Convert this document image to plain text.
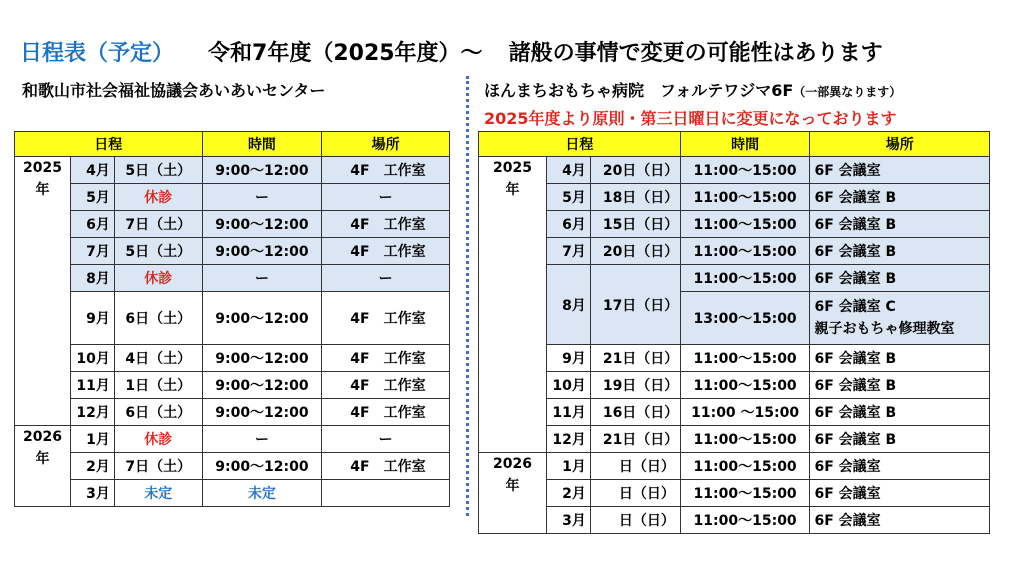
日程表（予定） 令和7年度（2025年度）～ 諸般の事情で変更の可能性はあります
和歌山市社会福祉協議会あいあいセンター	ほんまちおもちゃ病院　フォルテワジマ6F（一部異なります）
2025年度より原則・第三日曜日に変更になっております
日程			時間	場所

2025
年	4月	5日（土）	9:00～12:00	4F　工作室
	5月	休診	ー	ー
	6月	7日（土）	9:00～12:00	4F　工作室
	7月	5日（土）	9:00～12:00	4F　工作室
	8月	休診	ー	ー
	9月	6日（土）	9:00～12:00	4F　工作室
	10月	4日（土）	9:00～12:00	4F　工作室
	11月	1日（土）	9:00～12:00	4F　工作室
	12月	6日（土）	9:00～12:00	4F　工作室

2026
年	1月	休診	ー	ー
	2月	7日（土）	9:00～12:00	4F　工作室
	3月	未定	未定	
日程			時間	場所

2025
年	4月	20日（日）	11:00～15:00	6F 会議室
	5月	18日（日）	11:00～15:00	6F 会議室 B
	6月	15日（日）	11:00～15:00	6F 会議室 B
	7月	20日（日）	11:00～15:00	6F 会議室 B
	8月	17日（日）	11:00～15:00	6F 会議室 B
			13:00～15:00	6F 会議室 C
親子おもちゃ修理教室

	9月	21日（日）	11:00～15:00	6F 会議室 B
	10月	19日（日）	11:00～15:00	6F 会議室 B
	11月	16日（日）	11:00 ～15:00	6F 会議室 B
	12月	21日（日）	11:00～15:00	6F 会議室 B

2026
年	1月	日（日）	11:00～15:00	6F 会議室
	2月	日（日）	11:00～15:00	6F 会議室
	3月	日（日）	11:00～15:00	6F 会議室
